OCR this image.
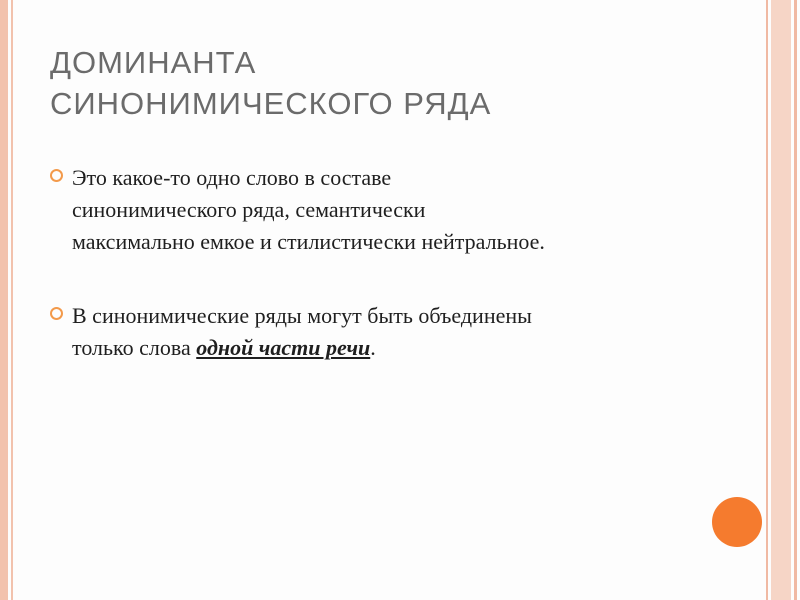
ДОМИНАНТА
СИНОНИМИЧЕСКОГО РЯДА
Это какое-то одно слово в составе синонимического ряда, семантически максимально емкое и стилистически нейтральное.
В синонимические ряды могут быть объединены только слова одной части речи.
